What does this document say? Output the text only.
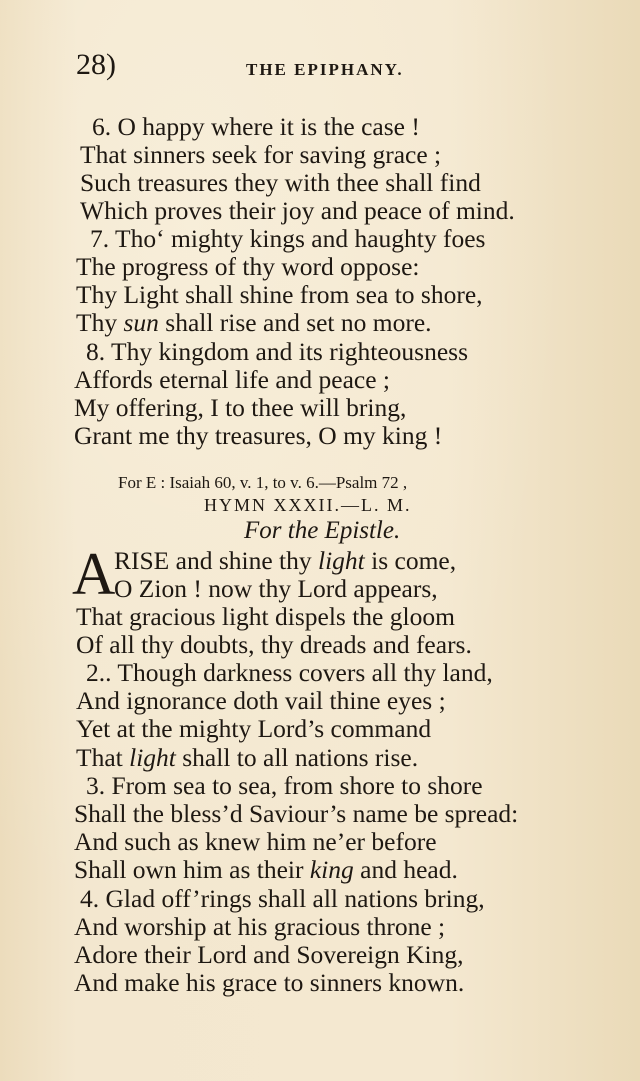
28)	THE EPIPHANY.
6. O happy where it is the case !
That sinners seek for saving grace ;
Such treasures they with thee shall find
Which proves their joy and peace of mind.
7. Tho‘ mighty kings and haughty foes
The progress of thy word oppose:
Thy Light shall shine from sea to shore,
Thy sun shall rise and set no more.
8. Thy kingdom and its righteousness
Affords eternal life and peace ;
My offering, I to thee will bring,
Grant me thy treasures, O my king !
For E : Isaiah 60, v. 1, to v. 6.—Psalm 72 ,
HYMN XXXII.—L. M.
For the Epistle.
A
RISE and shine thy light is come,
O Zion ! now thy Lord appears,
That gracious light dispels the gloom
Of all thy doubts, thy dreads and fears.
2.. Though darkness covers all thy land,
And ignorance doth vail thine eyes ;
Yet at the mighty Lord’s command
That light shall to all nations rise.
3. From sea to sea, from shore to shore
Shall the bless’d Saviour’s name be spread:
And such as knew him ne’er before
Shall own him as their king and head.
4. Glad off’rings shall all nations bring,
And worship at his gracious throne ;
Adore their Lord and Sovereign King,
And make his grace to sinners known.
